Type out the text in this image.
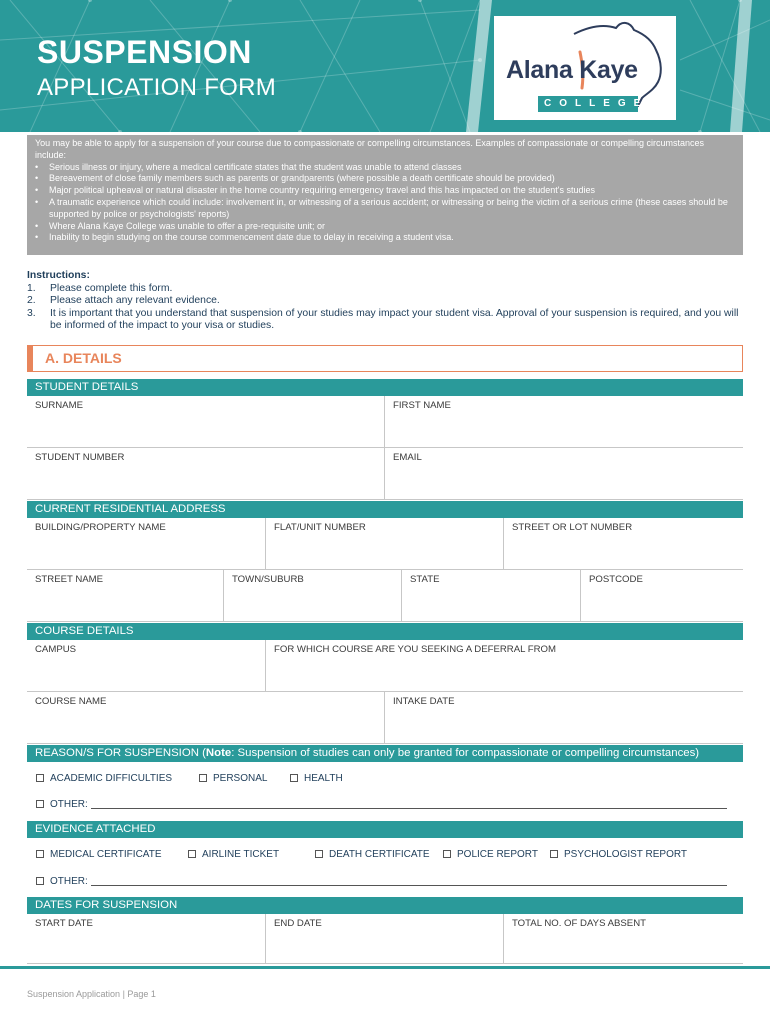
SUSPENSION
APPLICATION FORM
Alana Kaye
COLLEGE
You may be able to apply for a suspension of your course due to compassionate or compelling circumstances. Examples of compassionate or compelling circumstances include:
• Serious illness or injury, where a medical certificate states that the student was unable to attend classes
• Bereavement of close family members such as parents or grandparents (where possible a death certificate should be provided)
• Major political upheaval or natural disaster in the home country requiring emergency travel and this has impacted on the student's studies
• A traumatic experience which could include: involvement in, or witnessing of a serious accident; or witnessing or being the victim of a serious crime (these cases should be supported by police or psychologists' reports)
• Where Alana Kaye College was unable to offer a pre-requisite unit; or
• Inability to begin studying on the course commencement date due to delay in receiving a student visa.
Instructions:
1. Please complete this form.
2. Please attach any relevant evidence.
3. It is important that you understand that suspension of your studies may impact your student visa. Approval of your suspension is required, and you will be informed of the impact to your visa or studies.
A. DETAILS
STUDENT DETAILS
SURNAME	FIRST NAME
STUDENT NUMBER	EMAIL
CURRENT RESIDENTIAL ADDRESS
BUILDING/PROPERTY NAME	FLAT/UNIT NUMBER	STREET OR LOT NUMBER
STREET NAME	TOWN/SUBURB	STATE	POSTCODE
COURSE DETAILS
CAMPUS	FOR WHICH COURSE ARE YOU SEEKING A DEFERRAL FROM
COURSE NAME	INTAKE DATE
REASON/S FOR SUSPENSION (Note: Suspension of studies can only be granted for compassionate or compelling circumstances)
ACADEMIC DIFFICULTIES	PERSONAL	HEALTH
OTHER:
EVIDENCE ATTACHED
MEDICAL CERTIFICATE	AIRLINE TICKET	DEATH CERTIFICATE	POLICE REPORT	PSYCHOLOGIST REPORT
OTHER:
DATES FOR SUSPENSION
START DATE	END DATE	TOTAL NO. OF DAYS ABSENT
Suspension Application | Page 1
